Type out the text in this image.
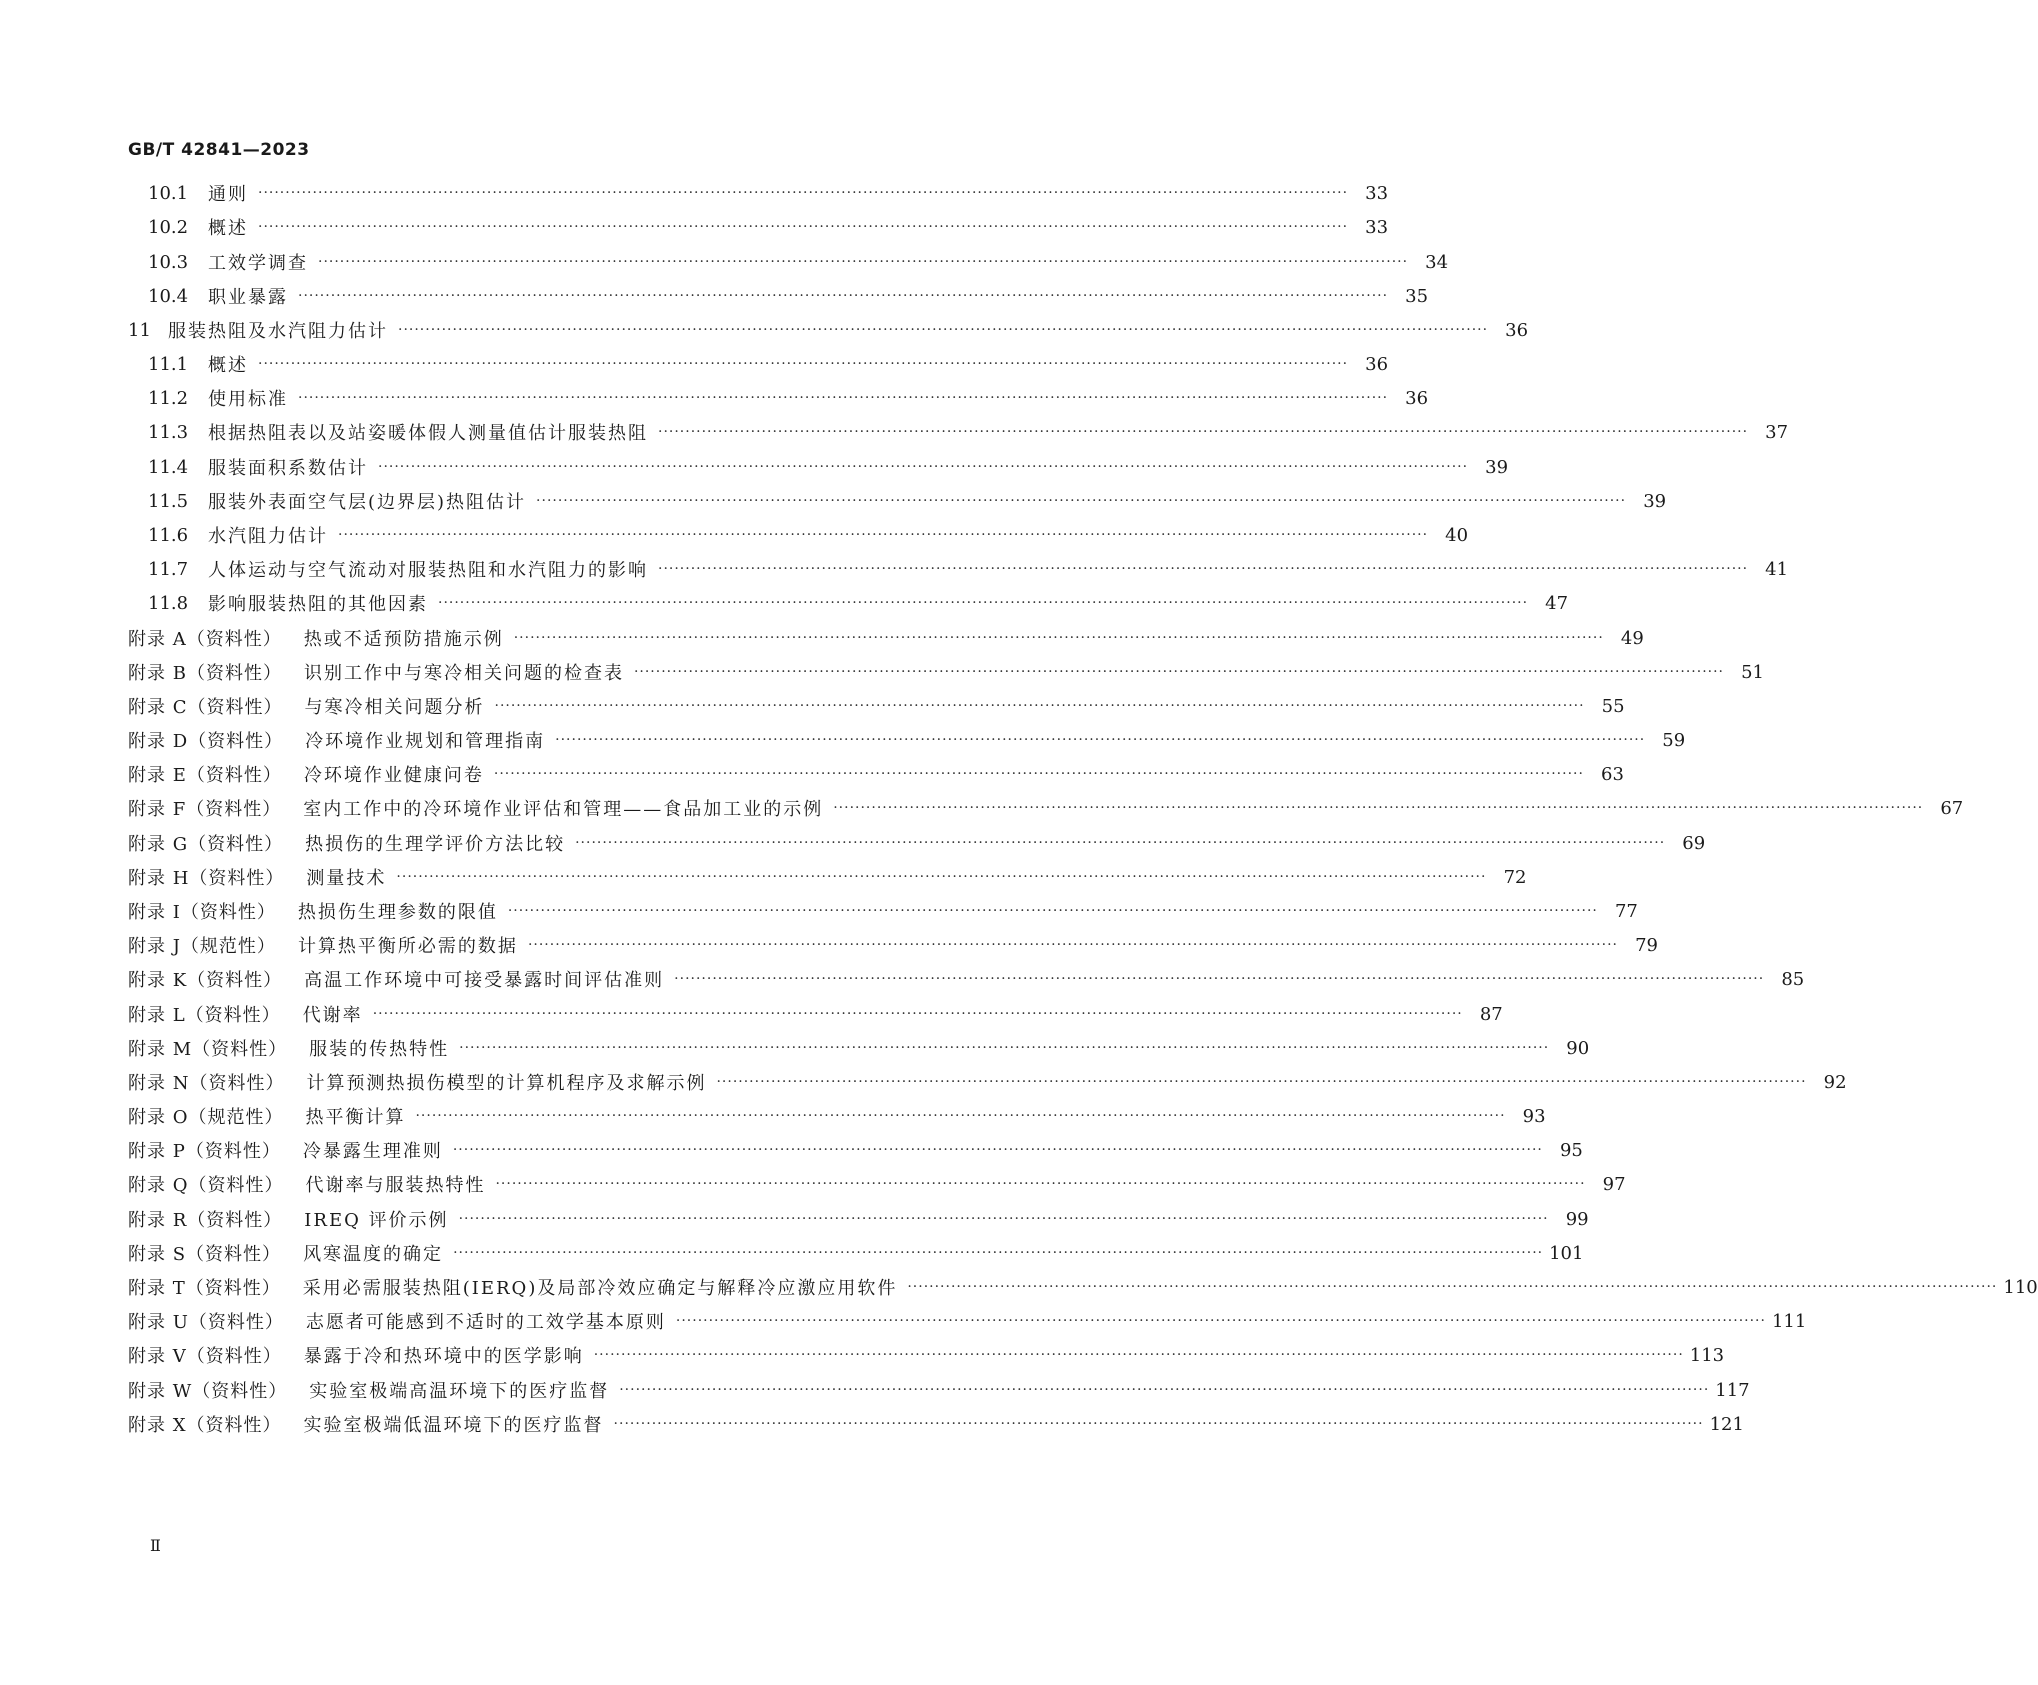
GB/T 42841—2023
10.1	通则 ········································································································································································································ 33
10.2	概述 ········································································································································································································ 33
10.3	工效学调查 ········································································································································································································ 34
10.4	职业暴露 ········································································································································································································ 35
11 服装热阻及水汽阻力估计 ········································································································································································································ 36
11.1	概述 ········································································································································································································ 36
11.2	使用标准 ········································································································································································································ 36
11.3	根据热阻表以及站姿暖体假人测量值估计服装热阻 ········································································································································································································ 37
11.4	服装面积系数估计 ········································································································································································································ 39
11.5	服装外表面空气层(边界层)热阻估计 ········································································································································································································ 39
11.6	水汽阻力估计 ········································································································································································································ 40
11.7	人体运动与空气流动对服装热阻和水汽阻力的影响 ········································································································································································································ 41
11.8	影响服装热阻的其他因素 ········································································································································································································ 47
附录 A（资料性） 热或不适预防措施示例 ········································································································································································································ 49
附录 B（资料性） 识别工作中与寒冷相关问题的检查表 ········································································································································································································ 51
附录 C（资料性） 与寒冷相关问题分析 ········································································································································································································ 55
附录 D（资料性） 冷环境作业规划和管理指南 ········································································································································································································ 59
附录 E（资料性） 冷环境作业健康问卷 ········································································································································································································ 63
附录 F（资料性） 室内工作中的冷环境作业评估和管理——食品加工业的示例 ········································································································································································································ 67
附录 G（资料性） 热损伤的生理学评价方法比较 ········································································································································································································ 69
附录 H（资料性） 测量技术 ········································································································································································································ 72
附录 I（资料性） 热损伤生理参数的限值 ········································································································································································································ 77
附录 J（规范性） 计算热平衡所必需的数据 ········································································································································································································ 79
附录 K（资料性） 高温工作环境中可接受暴露时间评估准则 ········································································································································································································ 85
附录 L（资料性） 代谢率 ········································································································································································································ 87
附录 M（资料性） 服装的传热特性 ········································································································································································································ 90
附录 N（资料性） 计算预测热损伤模型的计算机程序及求解示例 ········································································································································································································ 92
附录 O（规范性） 热平衡计算 ········································································································································································································ 93
附录 P（资料性） 冷暴露生理准则 ········································································································································································································ 95
附录 Q（资料性） 代谢率与服装热特性 ········································································································································································································ 97
附录 R（资料性） IREQ 评价示例 ········································································································································································································ 99
附录 S（资料性） 风寒温度的确定 ········································································································································································································ 101
附录 T（资料性） 采用必需服装热阻(IERQ)及局部冷效应确定与解释冷应激应用软件 ········································································································································································································ 110
附录 U（资料性） 志愿者可能感到不适时的工效学基本原则 ········································································································································································································ 111
附录 V（资料性） 暴露于冷和热环境中的医学影响 ········································································································································································································ 113
附录 W（资料性） 实验室极端高温环境下的医疗监督 ········································································································································································································ 117
附录 X（资料性） 实验室极端低温环境下的医疗监督 ········································································································································································································ 121
Ⅱ
